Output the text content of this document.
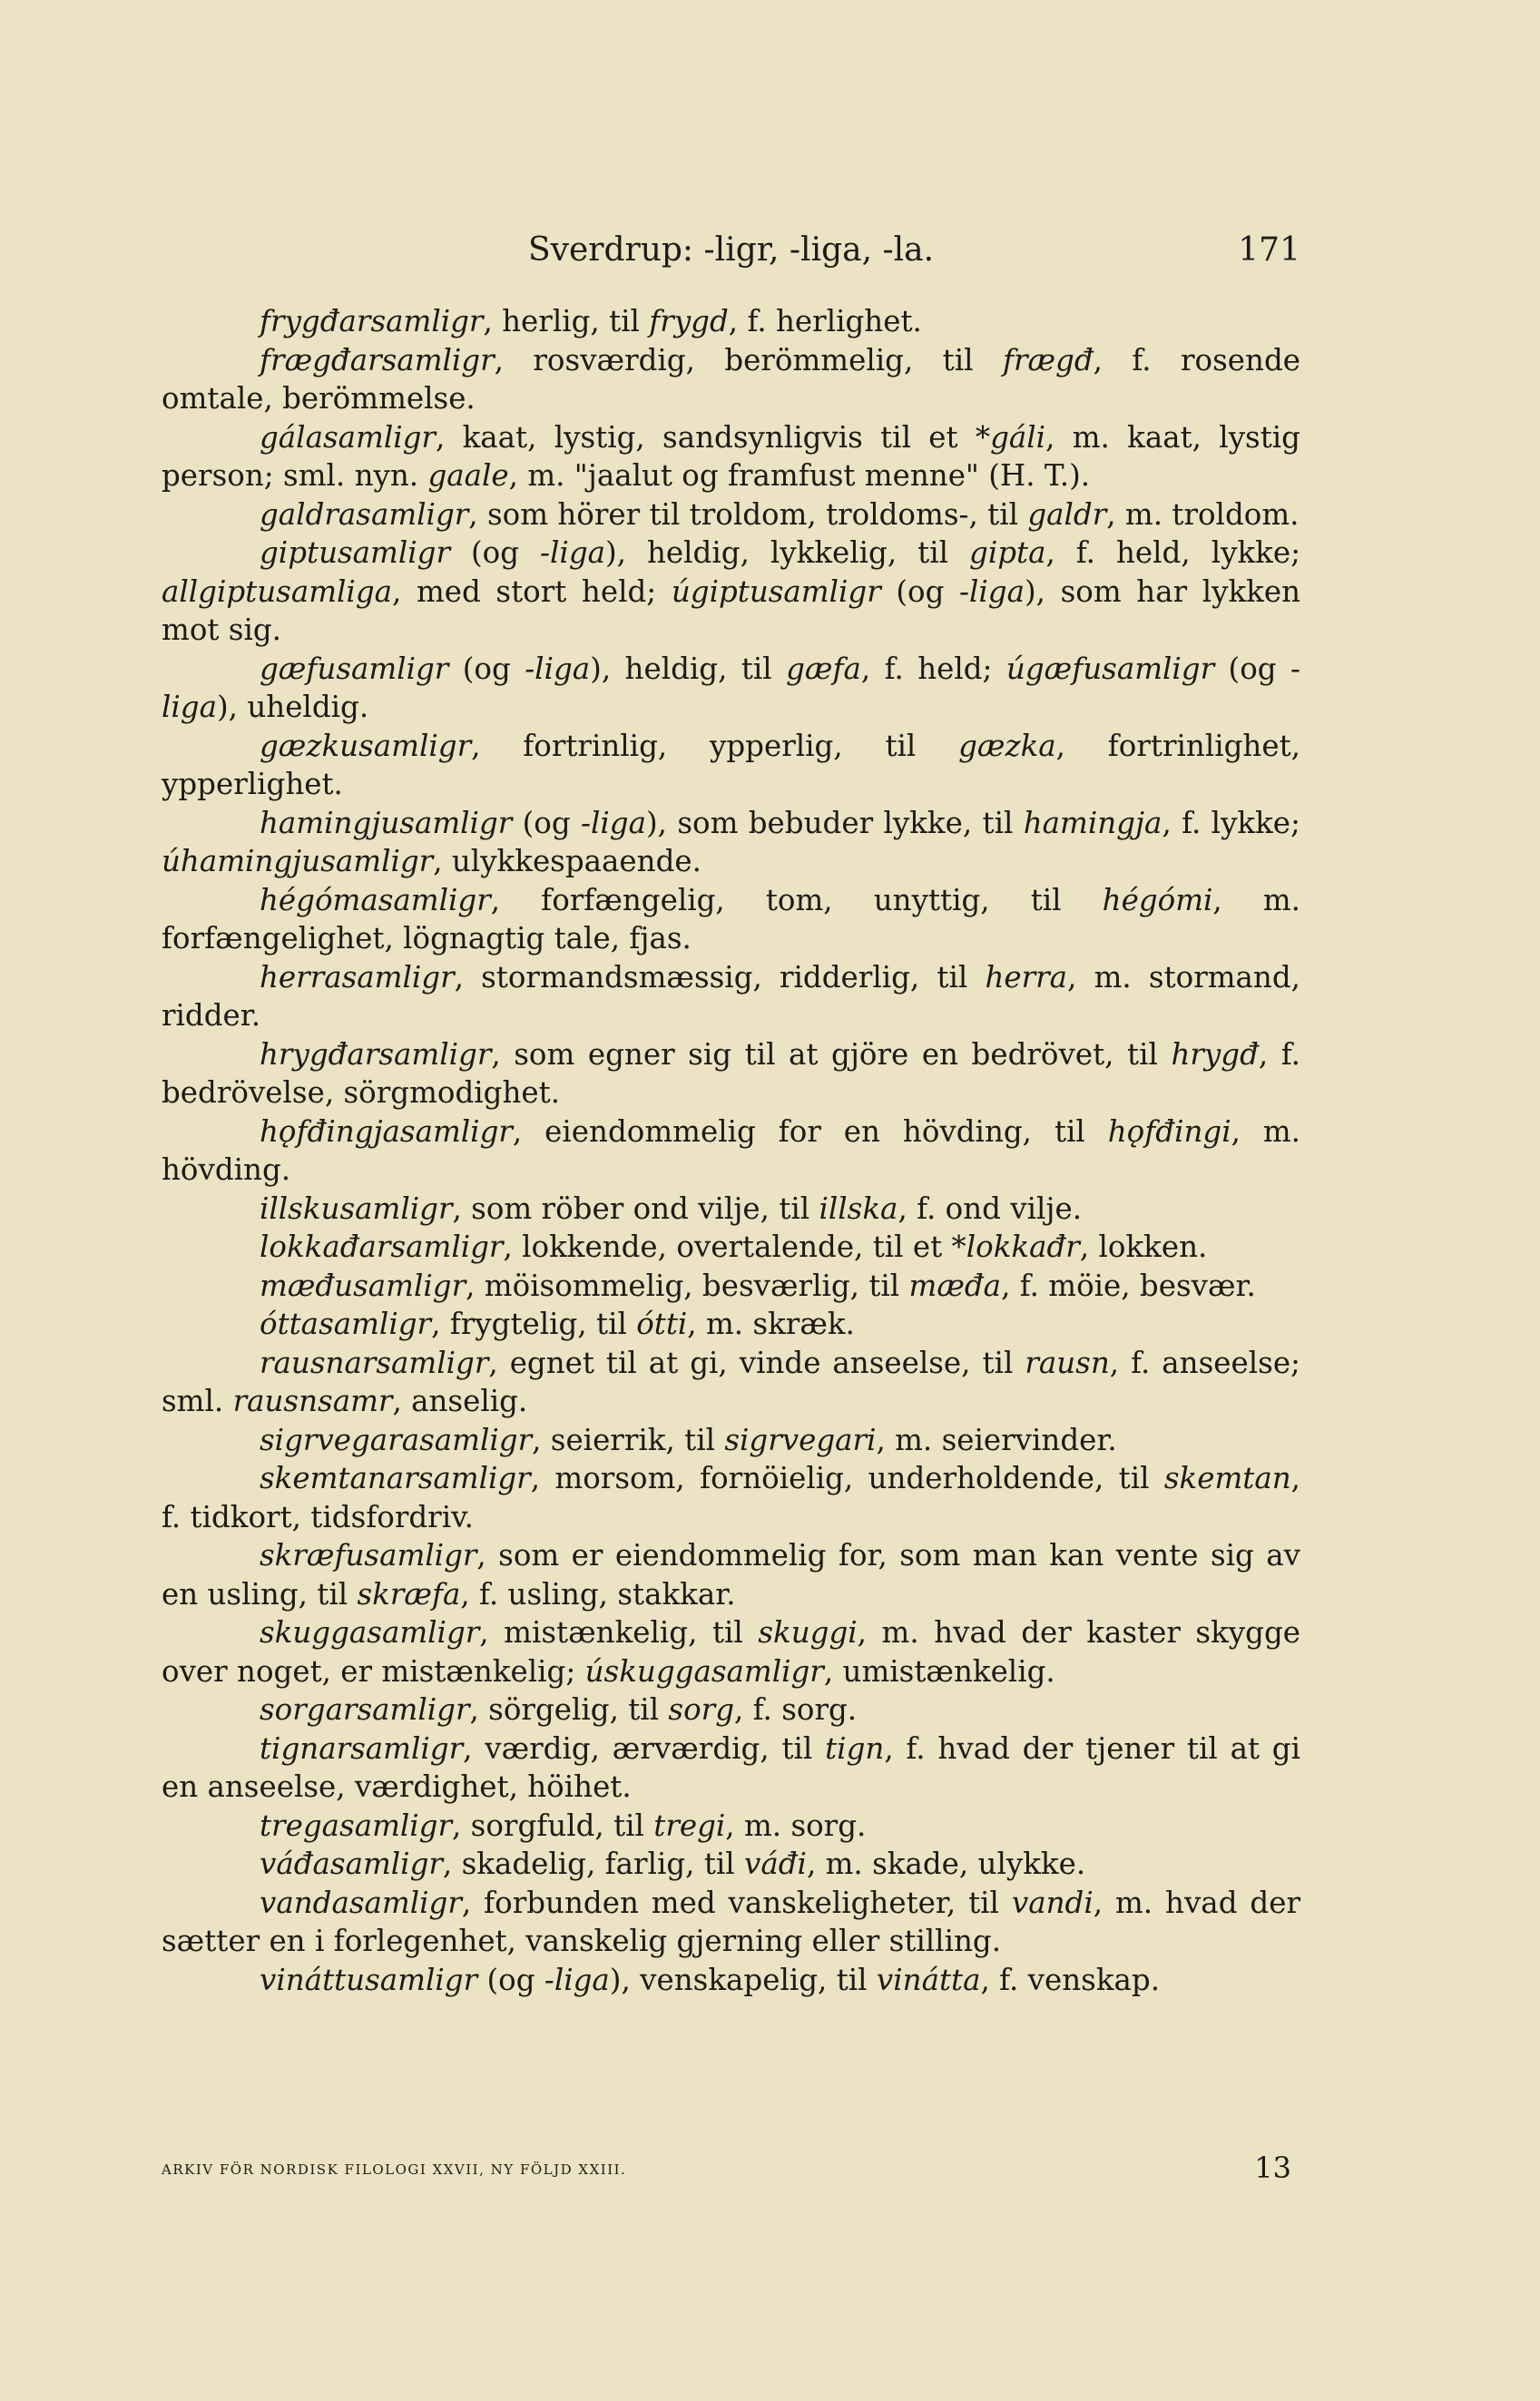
Sverdrup: -ligr, -liga, -la.	171

frygđarsamligr, herlig, til frygd, f. herlighet.

frægđarsamligr, rosværdig, berömmelig, til frægđ, f. rosende omtale, berömmelse.

gálasamligr, kaat, lystig, sandsynligvis til et *gáli, m. kaat, lystig person; sml. nyn. gaale, m. "jaalut og framfust menne" (H. T.).

galdrasamligr, som hörer til troldom, troldoms-, til galdr, m. troldom.

giptusamligr (og -liga), heldig, lykkelig, til gipta, f. held, lykke; allgiptusamliga, med stort held; úgiptusamligr (og -liga), som har lykken mot sig.

gæfusamligr (og -liga), heldig, til gæfa, f. held; úgæfusamligr (og -liga), uheldig.

gæzkusamligr, fortrinlig, ypperlig, til gæzka, fortrinlighet, ypperlighet.

hamingjusamligr (og -liga), som bebuder lykke, til hamingja, f. lykke; úhamingjusamligr, ulykkespaaende.

hégómasamligr, forfængelig, tom, unyttig, til hégómi, m. forfængelighet, lögnagtig tale, fjas.

herrasamligr, stormandsmæssig, ridderlig, til herra, m. stormand, ridder.

hrygđarsamligr, som egner sig til at gjöre en bedrövet, til hrygđ, f. bedrövelse, sörgmodighet.

hǫfđingjasamligr, eiendommelig for en hövding, til hǫfđingi, m. hövding.

illskusamligr, som röber ond vilje, til illska, f. ond vilje.

lokkađarsamligr, lokkende, overtalende, til et *lokkađr, lokken.

mæđusamligr, möisommelig, besværlig, til mæđa, f. möie, besvær.

óttasamligr, frygtelig, til ótti, m. skræk.

rausnarsamligr, egnet til at gi, vinde anseelse, til rausn, f. anseelse; sml. rausnsamr, anselig.

sigrvegarasamligr, seierrik, til sigrvegari, m. seiervinder.

skemtanarsamligr, morsom, fornöielig, underholdende, til skemtan, f. tidkort, tidsfordriv.

skræfusamligr, som er eiendommelig for, som man kan vente sig av en usling, til skræfa, f. usling, stakkar.

skuggasamligr, mistænkelig, til skuggi, m. hvad der kaster skygge over noget, er mistænkelig; úskuggasamligr, umistænkelig.

sorgarsamligr, sörgelig, til sorg, f. sorg.

tignarsamligr, værdig, ærværdig, til tign, f. hvad der tjener til at gi en anseelse, værdighet, höihet.

tregasamligr, sorgfuld, til tregi, m. sorg.

váđasamligr, skadelig, farlig, til váđi, m. skade, ulykke.

vandasamligr, forbunden med vanskeligheter, til vandi, m. hvad der sætter en i forlegenhet, vanskelig gjerning eller stilling.

vináttusamligr (og -liga), venskapelig, til vinátta, f. venskap.

ARKIV FÖR NORDISK FILOLOGI XXVII, NY FÖLJD XXIII.	13
